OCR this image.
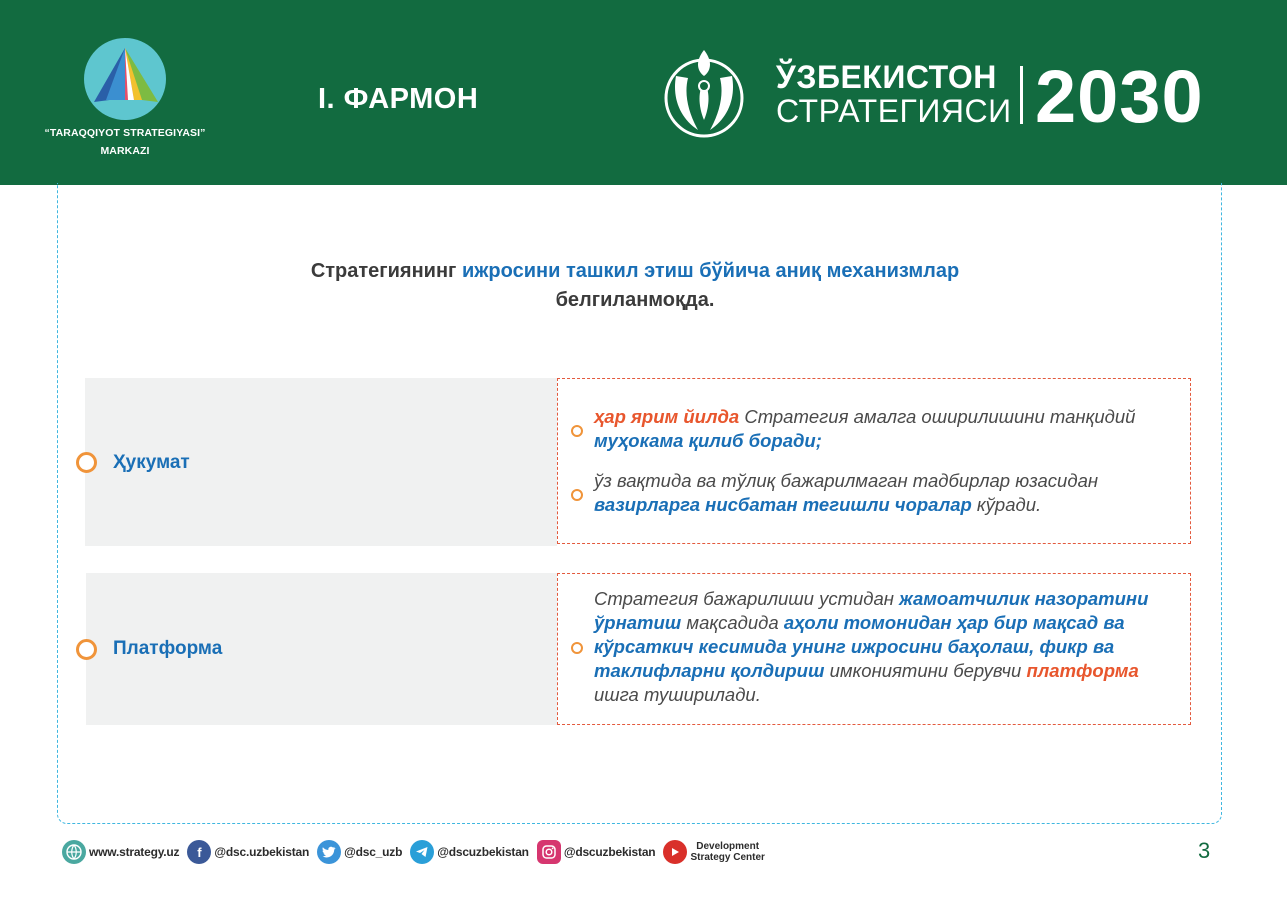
“TARAQQIYOT STRATEGIYASI”
MARKAZI
I. ФАРМОН
ЎЗБЕКИСТОН
СТРАТЕГИЯСИ 2030
Стратегиянинг ижросини ташкил этиш бўйича аниқ механизмлар
белгиланмоқда.
Ҳукумат
ҳар ярим йилда Стратегия амалга оширилишини танқидий муҳокама қилиб боради;
ўз вақтида ва тўлиқ бажарилмаган тадбирлар юзасидан вазирларга нисбатан тегишли чоралар кўради.
Платформа
Стратегия бажарилиши устидан жамоатчилик назоратини ўрнатиш мақсадида аҳоли томонидан ҳар бир мақсад ва кўрсаткич кесимида унинг ижросини баҳолаш, фикр ва таклифларни қолдириш имкониятини берувчи платформа ишга туширилади.
www.strategy.uz	f	@dsc.uzbekistan	@dsc_uzb	@dscuzbekistan	@dscuzbekistan	Development
Strategy Center	3
